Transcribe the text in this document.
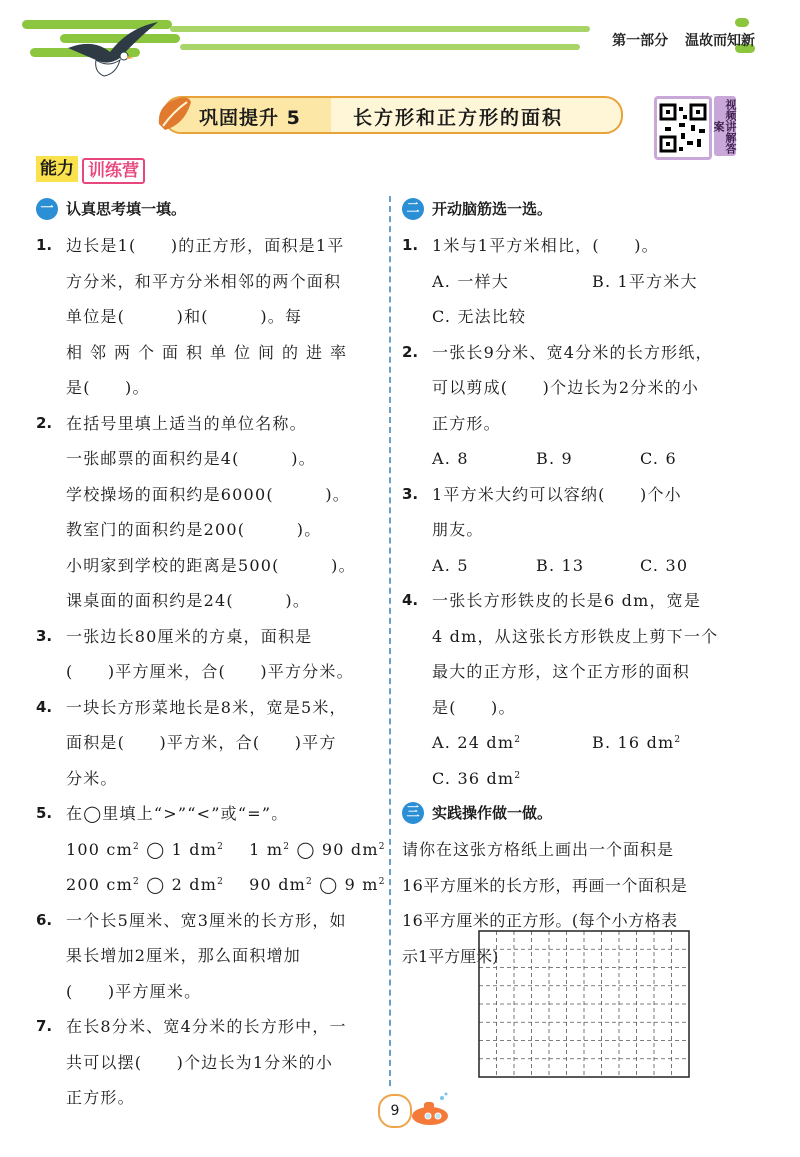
第一部分 温故而知新
巩固提升 5	长方形和正方形的面积	视频讲解答案
能力 训练营
一 认真思考填一填。
1. 边长是1(　　)的正方形，面积是1平
方分米，和平方分米相邻的两个面积
单位是(　　　)和(　　　)。每
相邻两个面积单位间的进率
是(　　)。
2. 在括号里填上适当的单位名称。
一张邮票的面积约是4(　　　)。
学校操场的面积约是6000(　　　)。
教室门的面积约是200(　　　)。
小明家到学校的距离是500(　　　)。
课桌面的面积约是24(　　　)。
3. 一张边长80厘米的方桌，面积是
(　　)平方厘米，合(　　)平方分米。
4. 一块长方形菜地长是8米，宽是5米，
面积是(　　)平方米，合(　　)平方
分米。
5. 在◯里填上“>”“<”或“=”。
100 $cm^2$ ◯ 1 $dm^2$ 1 $m^2$ ◯ 90 $dm^2$
200 $cm^2$ ◯ 2 $dm^2$ 90 $dm^2$ ◯ 9 $m^2$
6. 一个长5厘米、宽3厘米的长方形，如
果长增加2厘米，那么面积增加
(　　)平方厘米。
7. 在长8分米、宽4分米的长方形中，一
共可以摆(　　)个边长为1分米的小
正方形。
二 开动脑筋选一选。
1. 1米与1平方米相比，(　　)。
A. 一样大	B. 1平方米大
C. 无法比较
2. 一张长9分米、宽4分米的长方形纸，
可以剪成(　　)个边长为2分米的小
正方形。
A. 8	B. 9	C. 6
3. 1平方米大约可以容纳(　　)个小
朋友。
A. 5	B. 13	C. 30
4. 一张长方形铁皮的长是6 dm，宽是
4 dm，从这张长方形铁皮上剪下一个
最大的正方形，这个正方形的面积
是(　　)。
A. 24 $dm^2$	B. 16 $dm^2$
C. 36 $dm^2$
三 实践操作做一做。
请你在这张方格纸上画出一个面积是
16平方厘米的长方形，再画一个面积是
16平方厘米的正方形。(每个小方格表
示1平方厘米)
9
